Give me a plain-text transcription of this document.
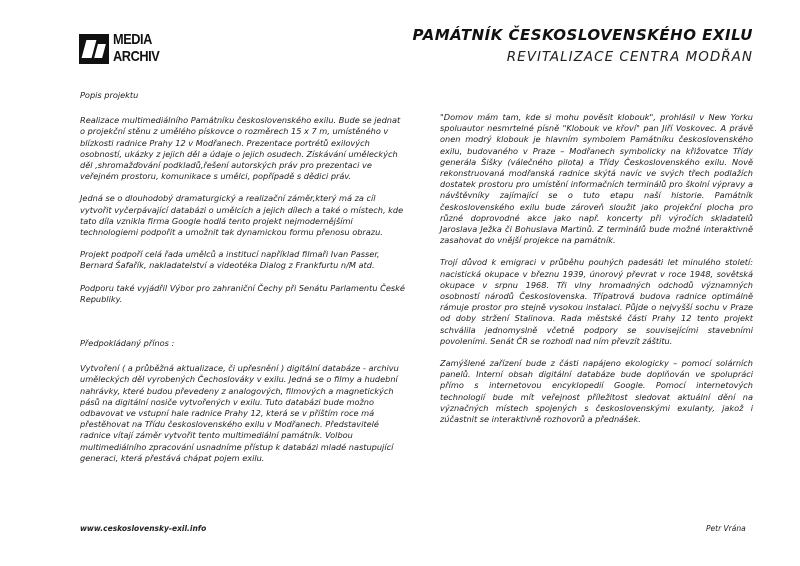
MEDIA
ARCHIV
PAMÁTNÍK ČESKOSLOVENSKÉHO EXILU
REVITALIZACE CENTRA MODŘAN

Popis projektu

Realizace multimediálního Památníku československého exilu. Bude se jednat o projekční stěnu z umělého pískovce o rozměrech 15 x 7 m, umístěného v blízkosti radnice Prahy 12 v Modřanech. Prezentace portrétů exilových osobností, ukázky z jejich děl a údaje o jejich osudech. Získávání uměleckých děl ,shromažďování podkladů,řešení autorských práv pro prezentaci ve veřejném prostoru, komunikace s umělci, popřípadě s dědici práv.

Jedná se o dlouhodobý dramaturgický a realizační záměr,který má za cíl vytvořit vyčerpávající databázi o umělcích a jejich dílech a také o místech, kde tato díla vznikla firma Google hodlá tento projekt nejmodernějšími technologiemi podpořit a umožnit tak dynamickou formu přenosu obrazu.

Projekt podpoří celá řada umělců a institucí například filmaři Ivan Passer, Bernard Šafařík, nakladatelství a videotéka Dialog z Frankfurtu n/M atd.

Podporu také vyjádřil Výbor pro zahraniční Čechy při Senátu Parlamentu České Republiky.

Předpokládaný přínos :

Vytvoření ( a průběžná aktualizace, či upřesnění ) digitální databáze - archivu uměleckých děl vyrobených Čechoslováky v exilu. Jedná se o filmy a hudební nahrávky, které budou převedeny z analogových, filmových a magnetických pásů na digitální nosiče vytvořených v exilu. Tuto databázi bude možno odbavovat ve vstupní hale radnice Prahy 12, která se v příštím roce má přestěhovat na Třídu československého exilu v Modřanech. Představitelé radnice vítají záměr vytvořit tento multimediální památník. Volbou multimediálního zpracování usnadníme přístup k databázi mladé nastupující generaci, která přestává chápat pojem exilu.

"Domov mám tam, kde si mohu pověsit klobouk", prohlásil v New Yorku spoluautor nesmrtelné písně "Klobouk ve křoví" pan Jiří Voskovec. A právě onen modrý klobouk je hlavním symbolem Památníku československého exilu, budovaného v Praze – Modřanech symbolicky na křižovatce Třídy generála Šišky (válečného pilota) a Třídy Československého exilu. Nově rekonstruovaná modřanská radnice skýtá navíc ve svých třech podlažích dostatek prostoru pro umístění informačních terminálů pro školní výpravy a návštěvníky zajímající se o tuto etapu naší historie. Památník československého exilu bude zároveň sloužit jako projekční plocha pro různé doprovodné akce jako např. koncerty při výročích skladatelů Jaroslava Ježka či Bohuslava Martinů. Z terminálů bude možné interaktivně zasahovat do vnější projekce na památník.

Trojí důvod k emigraci v průběhu pouhých padesáti let minulého století: nacistická okupace v březnu 1939, únorový převrat v roce 1948, sovětská okupace v srpnu 1968. Tři vlny hromadných odchodů významných osobností národů Československa. Třípatrová budova radnice optimálně rámuje prostor pro stejně vysokou instalaci. Půjde o nejvyšší sochu v Praze od doby stržení Stalinova. Rada městské části Prahy 12 tento projekt schválila jednomyslně včetně podpory se souvisejícími stavebními povoleními. Senát ČR se rozhodl nad ním převzít záštitu.

Zamýšlené zařízení bude z části napájeno ekologicky – pomocí solárních panelů. Interní obsah digitální databáze bude doplňován ve spolupráci přímo s internetovou encyklopedií Google. Pomocí internetových technologií bude mít veřejnost příležitost sledovat aktuální dění na význačných místech spojených s československými exulanty, jakož i zúčastnit se interaktivně rozhovorů a přednášek.

www.ceskoslovensky-exil.info	Petr Vrána
